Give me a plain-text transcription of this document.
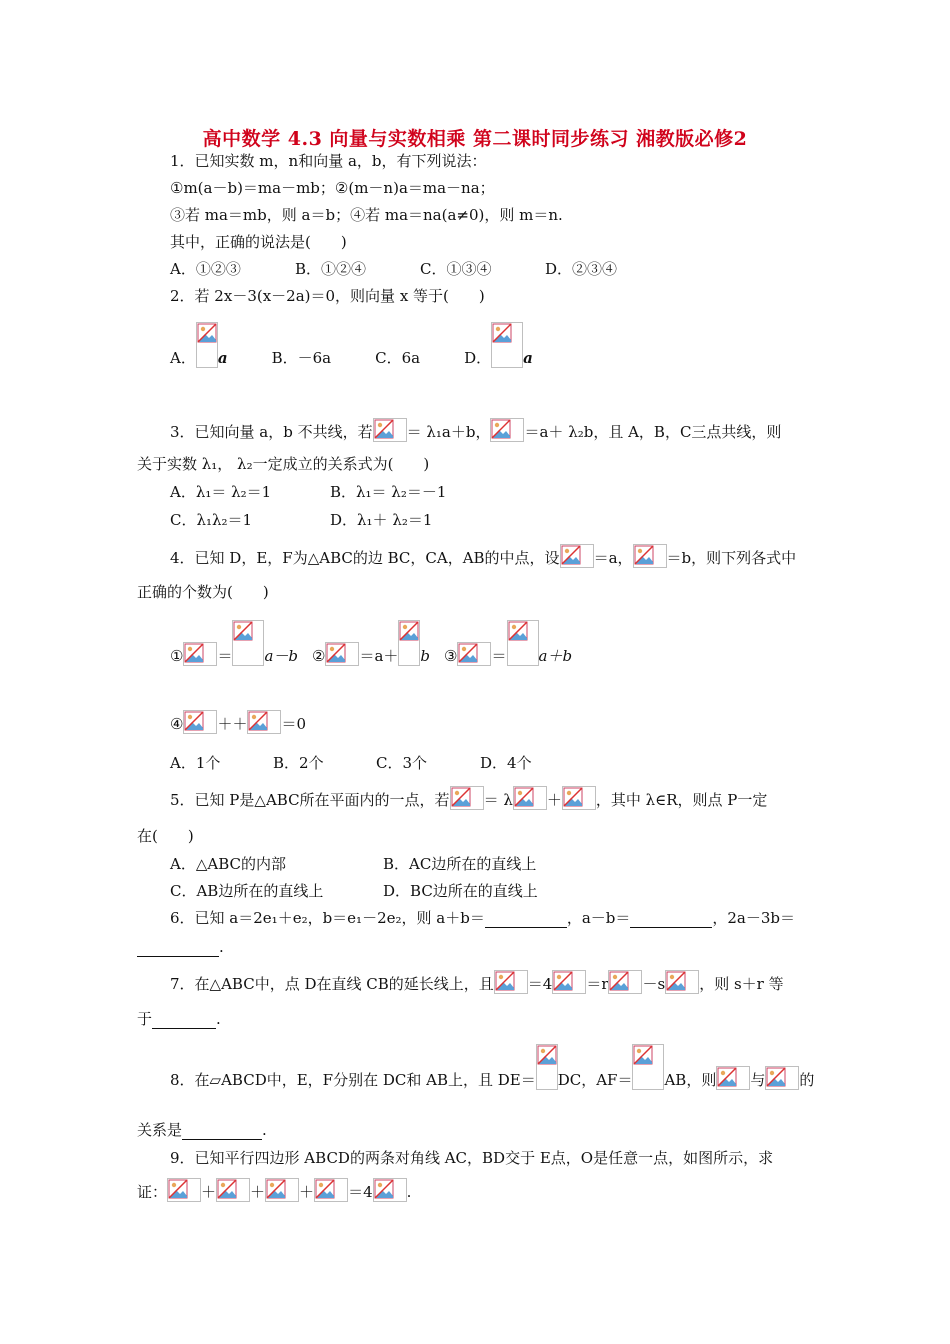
高中数学 4.3 向量与实数相乘 第二课时同步练习 湘教版必修2
1．已知实数 m，n和向量 a，b，有下列说法：
①m(a－b)＝ma－mb；②(m－n)a＝ma－na；
③若 ma＝mb，则 a＝b；④若 ma＝na(a≠0)，则 m＝n.
其中，正确的说法是(　　)
A．①②③	B．①②④	C．①③④	D．②③④
2．若 2x－3(x－2a)＝0，则向量 x 等于(　　)
A． a	B．－6a	C．6a	D． a
3．已知向量 a，b 不共线，若 ＝ λ₁a＋b， ＝a＋ λ₂b，且 A，B，C三点共线，则
关于实数 λ₁， λ₂一定成立的关系式为(　　)
A．λ₁＝ λ₂＝1	B．λ₁＝ λ₂＝－1
C．λ₁λ₂＝1	D．λ₁＋ λ₂＝1
4．已知 D，E，F为△ABC的边 BC，CA，AB的中点，设 ＝a， ＝b，则下列各式中
正确的个数为(　　)
① ＝ a－b ② ＝a＋ b ③ ＝ a＋b
④ ＋＋ ＝0
A．1个	B．2个	C．3个	D．4个
5．已知 P是△ABC所在平面内的一点，若 ＝ λ ＋ ，其中 λ∈R，则点 P一定
在(　　)
A．△ABC的内部	B．AC边所在的直线上
C．AB边所在的直线上	D．BC边所在的直线上
6．已知 a＝2e₁＋e₂，b＝e₁－2e₂，则 a＋b＝	，a－b＝	，2a－3b＝
.
7．在△ABC中，点 D在直线 CB的延长线上，且 ＝4 ＝r －s ，则 s＋r 等
于	.
8．在▱ABCD中，E，F分别在 DC和 AB上，且 DE＝ DC，AF＝ AB，则 与 的
关系是	.
9．已知平行四边形 ABCD的两条对角线 AC，BD交于 E点，O是任意一点，如图所示，求
证： ＋ ＋ ＋ ＝4 .
